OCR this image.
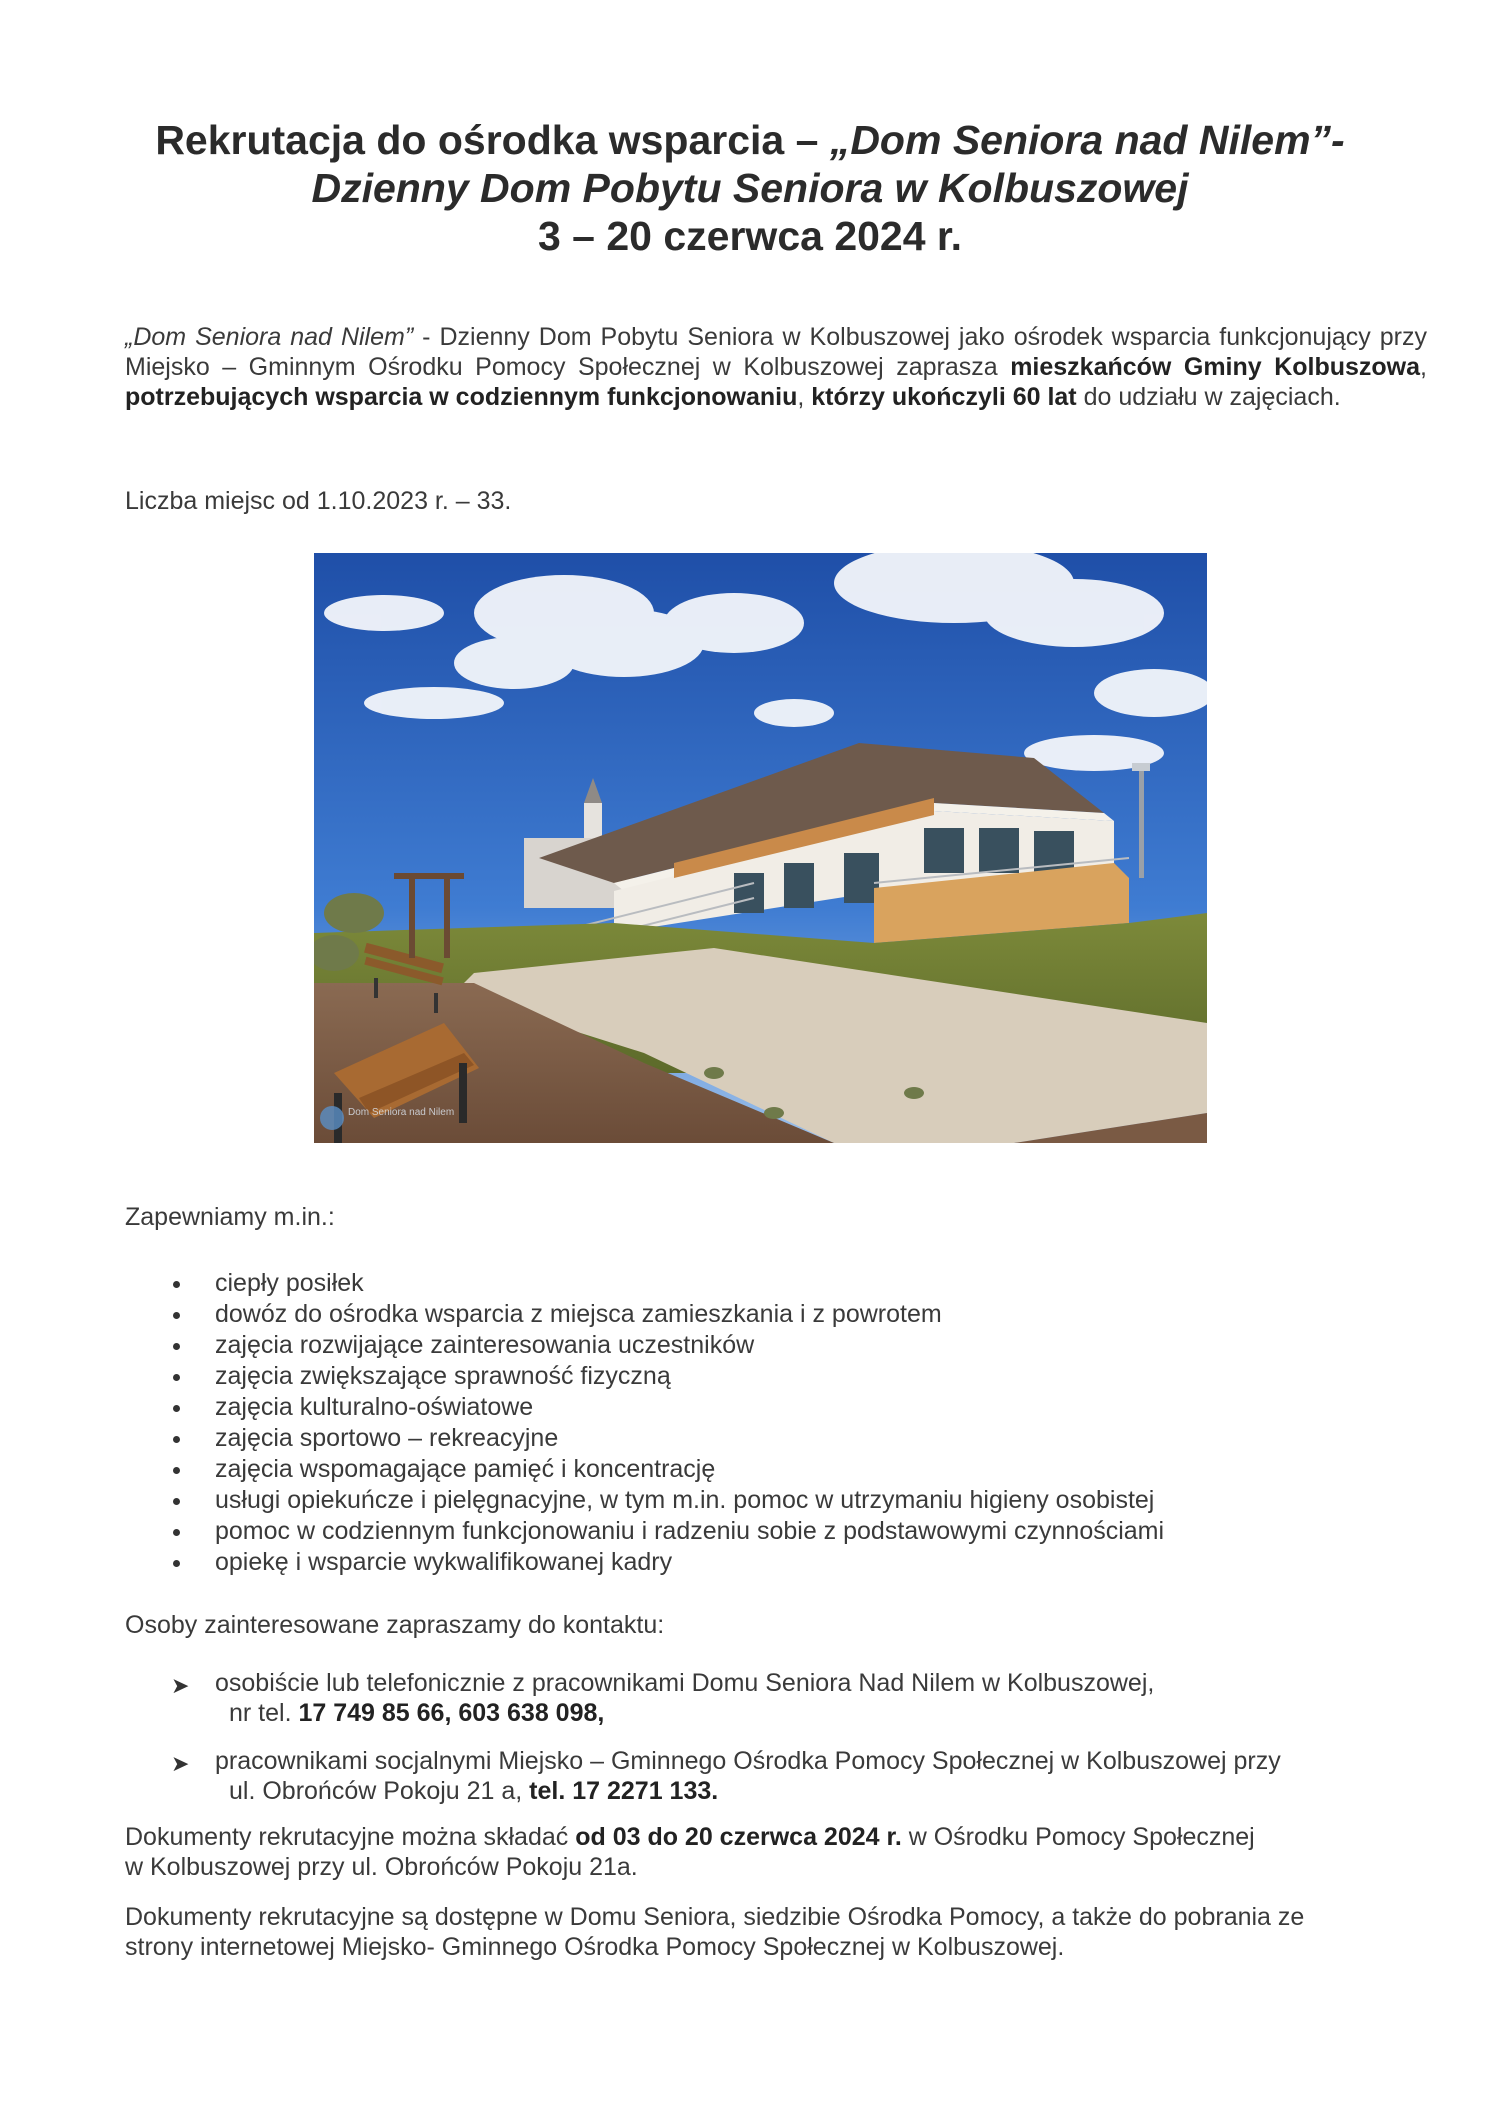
Rekrutacja do ośrodka wsparcia – „Dom Seniora nad Nilem”-
Dzienny Dom Pobytu Seniora w Kolbuszowej
3 – 20 czerwca 2024 r.

„Dom Seniora nad Nilem” - Dzienny Dom Pobytu Seniora w Kolbuszowej jako ośrodek wsparcia funkcjonujący przy Miejsko – Gminnym Ośrodku Pomocy Społecznej w Kolbuszowej zaprasza mieszkańców Gminy Kolbuszowa, potrzebujących wsparcia w codziennym funkcjonowaniu, którzy ukończyli 60 lat do udziału w zajęciach.

Liczba miejsc od 1.10.2023 r. – 33.
Dom Seniora nad Nilem
Zapewniamy m.in.:
ciepły posiłek
dowóz do ośrodka wsparcia z miejsca zamieszkania i z powrotem
zajęcia rozwijające zainteresowania uczestników
zajęcia zwiększające sprawność fizyczną
zajęcia kulturalno-oświatowe
zajęcia sportowo – rekreacyjne
zajęcia wspomagające pamięć i koncentrację
usługi opiekuńcze i pielęgnacyjne, w tym m.in. pomoc w utrzymaniu higieny osobistej
pomoc w codziennym funkcjonowaniu i radzeniu sobie z podstawowymi czynnościami
opiekę i wsparcie wykwalifikowanej kadry
Osoby zainteresowane zapraszamy do kontaktu:
➤ osobiście lub telefonicznie z pracownikami Domu Seniora Nad Nilem w Kolbuszowej,
nr tel. 17 749 85 66, 603 638 098,
➤ pracownikami socjalnymi Miejsko – Gminnego Ośrodka Pomocy Społecznej w Kolbuszowej przy
ul. Obrońców Pokoju 21 a, tel. 17 2271 133.
Dokumenty rekrutacyjne można składać od 03 do 20 czerwca 2024 r. w Ośrodku Pomocy Społecznej
w Kolbuszowej przy ul. Obrońców Pokoju 21a.
Dokumenty rekrutacyjne są dostępne w Domu Seniora, siedzibie Ośrodka Pomocy, a także do pobrania ze
strony internetowej Miejsko- Gminnego Ośrodka Pomocy Społecznej w Kolbuszowej.
